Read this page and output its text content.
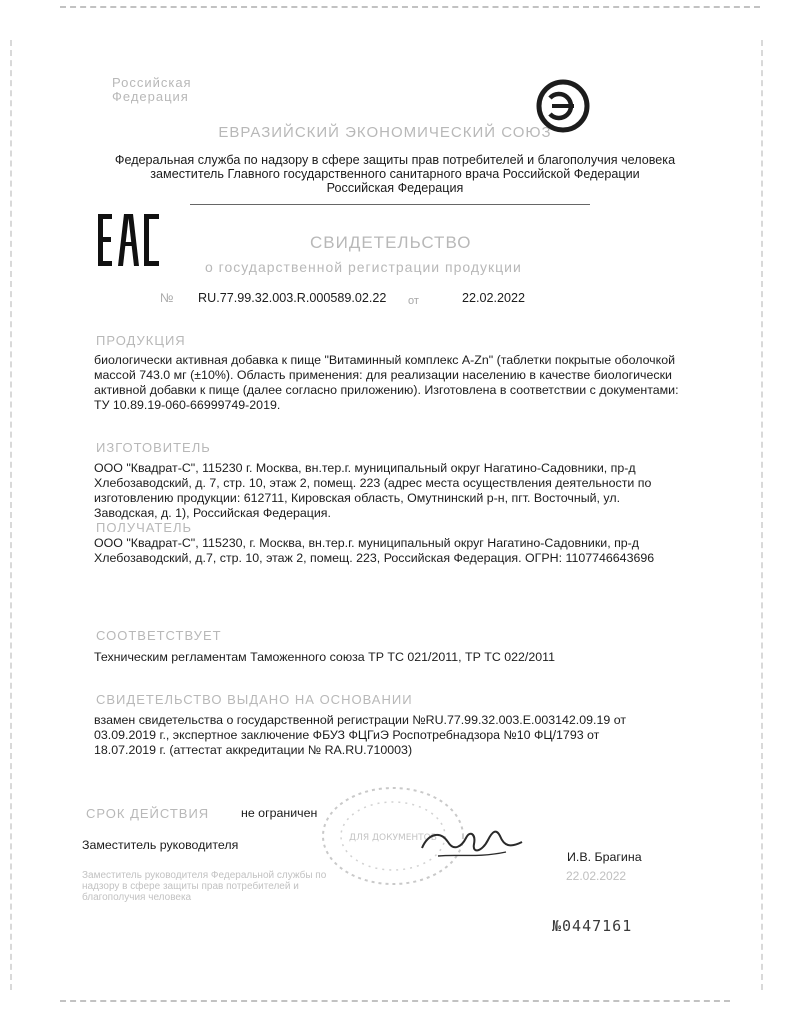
Российская Федерация
ЕВРАЗИЙСКИЙ ЭКОНОМИЧЕСКИЙ СОЮЗ
Федеральная служба по надзору в сфере защиты прав потребителей и благополучия человека
заместитель Главного государственного санитарного врача Российской Федерации
Российская Федерация
СВИДЕТЕЛЬСТВО
о государственной регистрации продукции
№ RU.77.99.32.003.R.000589.02.22 от	22.02.2022
ПРОДУКЦИЯ
биологически активная добавка к пище "Витаминный комплекс A-Zn" (таблетки покрытые оболочкой массой 743.0 мг (±10%). Область применения: для реализации населению в качестве биологически активной добавки к пище (далее согласно приложению). Изготовлена в соответствии с документами: ТУ 10.89.19-060-66999749-2019.
ИЗГОТОВИТЕЛЬ
ООО "Квадрат-С", 115230 г. Москва, вн.тер.г. муниципальный округ Нагатино-Садовники, пр-д Хлебозаводский, д. 7, стр. 10, этаж 2, помещ. 223 (адрес места осуществления деятельности по изготовлению продукции: 612711, Кировская область, Омутнинский р-н, пгт. Восточный, ул. Заводская, д. 1), Российская Федерация.
ПОЛУЧАТЕЛЬ
ООО "Квадрат-С", 115230, г. Москва, вн.тер.г. муниципальный округ Нагатино-Садовники, пр-д Хлебозаводский, д.7, стр. 10, этаж 2, помещ. 223, Российская Федерация. ОГРН: 1107746643696
СООТВЕТСТВУЕТ
Техническим регламентам Таможенного союза ТР ТС 021/2011, ТР ТС 022/2011
СВИДЕТЕЛЬСТВО ВЫДАНО НА ОСНОВАНИИ
взамен свидетельства о государственной регистрации №RU.77.99.32.003.E.003142.09.19 от 03.09.2019 г., экспертное заключение ФБУЗ ФЦГиЭ Роспотребнадзора №10 ФЦ/1793 от 18.07.2019 г. (аттестат аккредитации № RA.RU.710003)
СРОК ДЕЙСТВИЯ	не ограничен
ДЛЯ ДОКУМЕНТОВ
Заместитель руководителя
И.В. Брагина
Заместитель руководителя Федеральной службы по надзору в сфере защиты прав потребителей и благополучия человека
22.02.2022
№0447161
